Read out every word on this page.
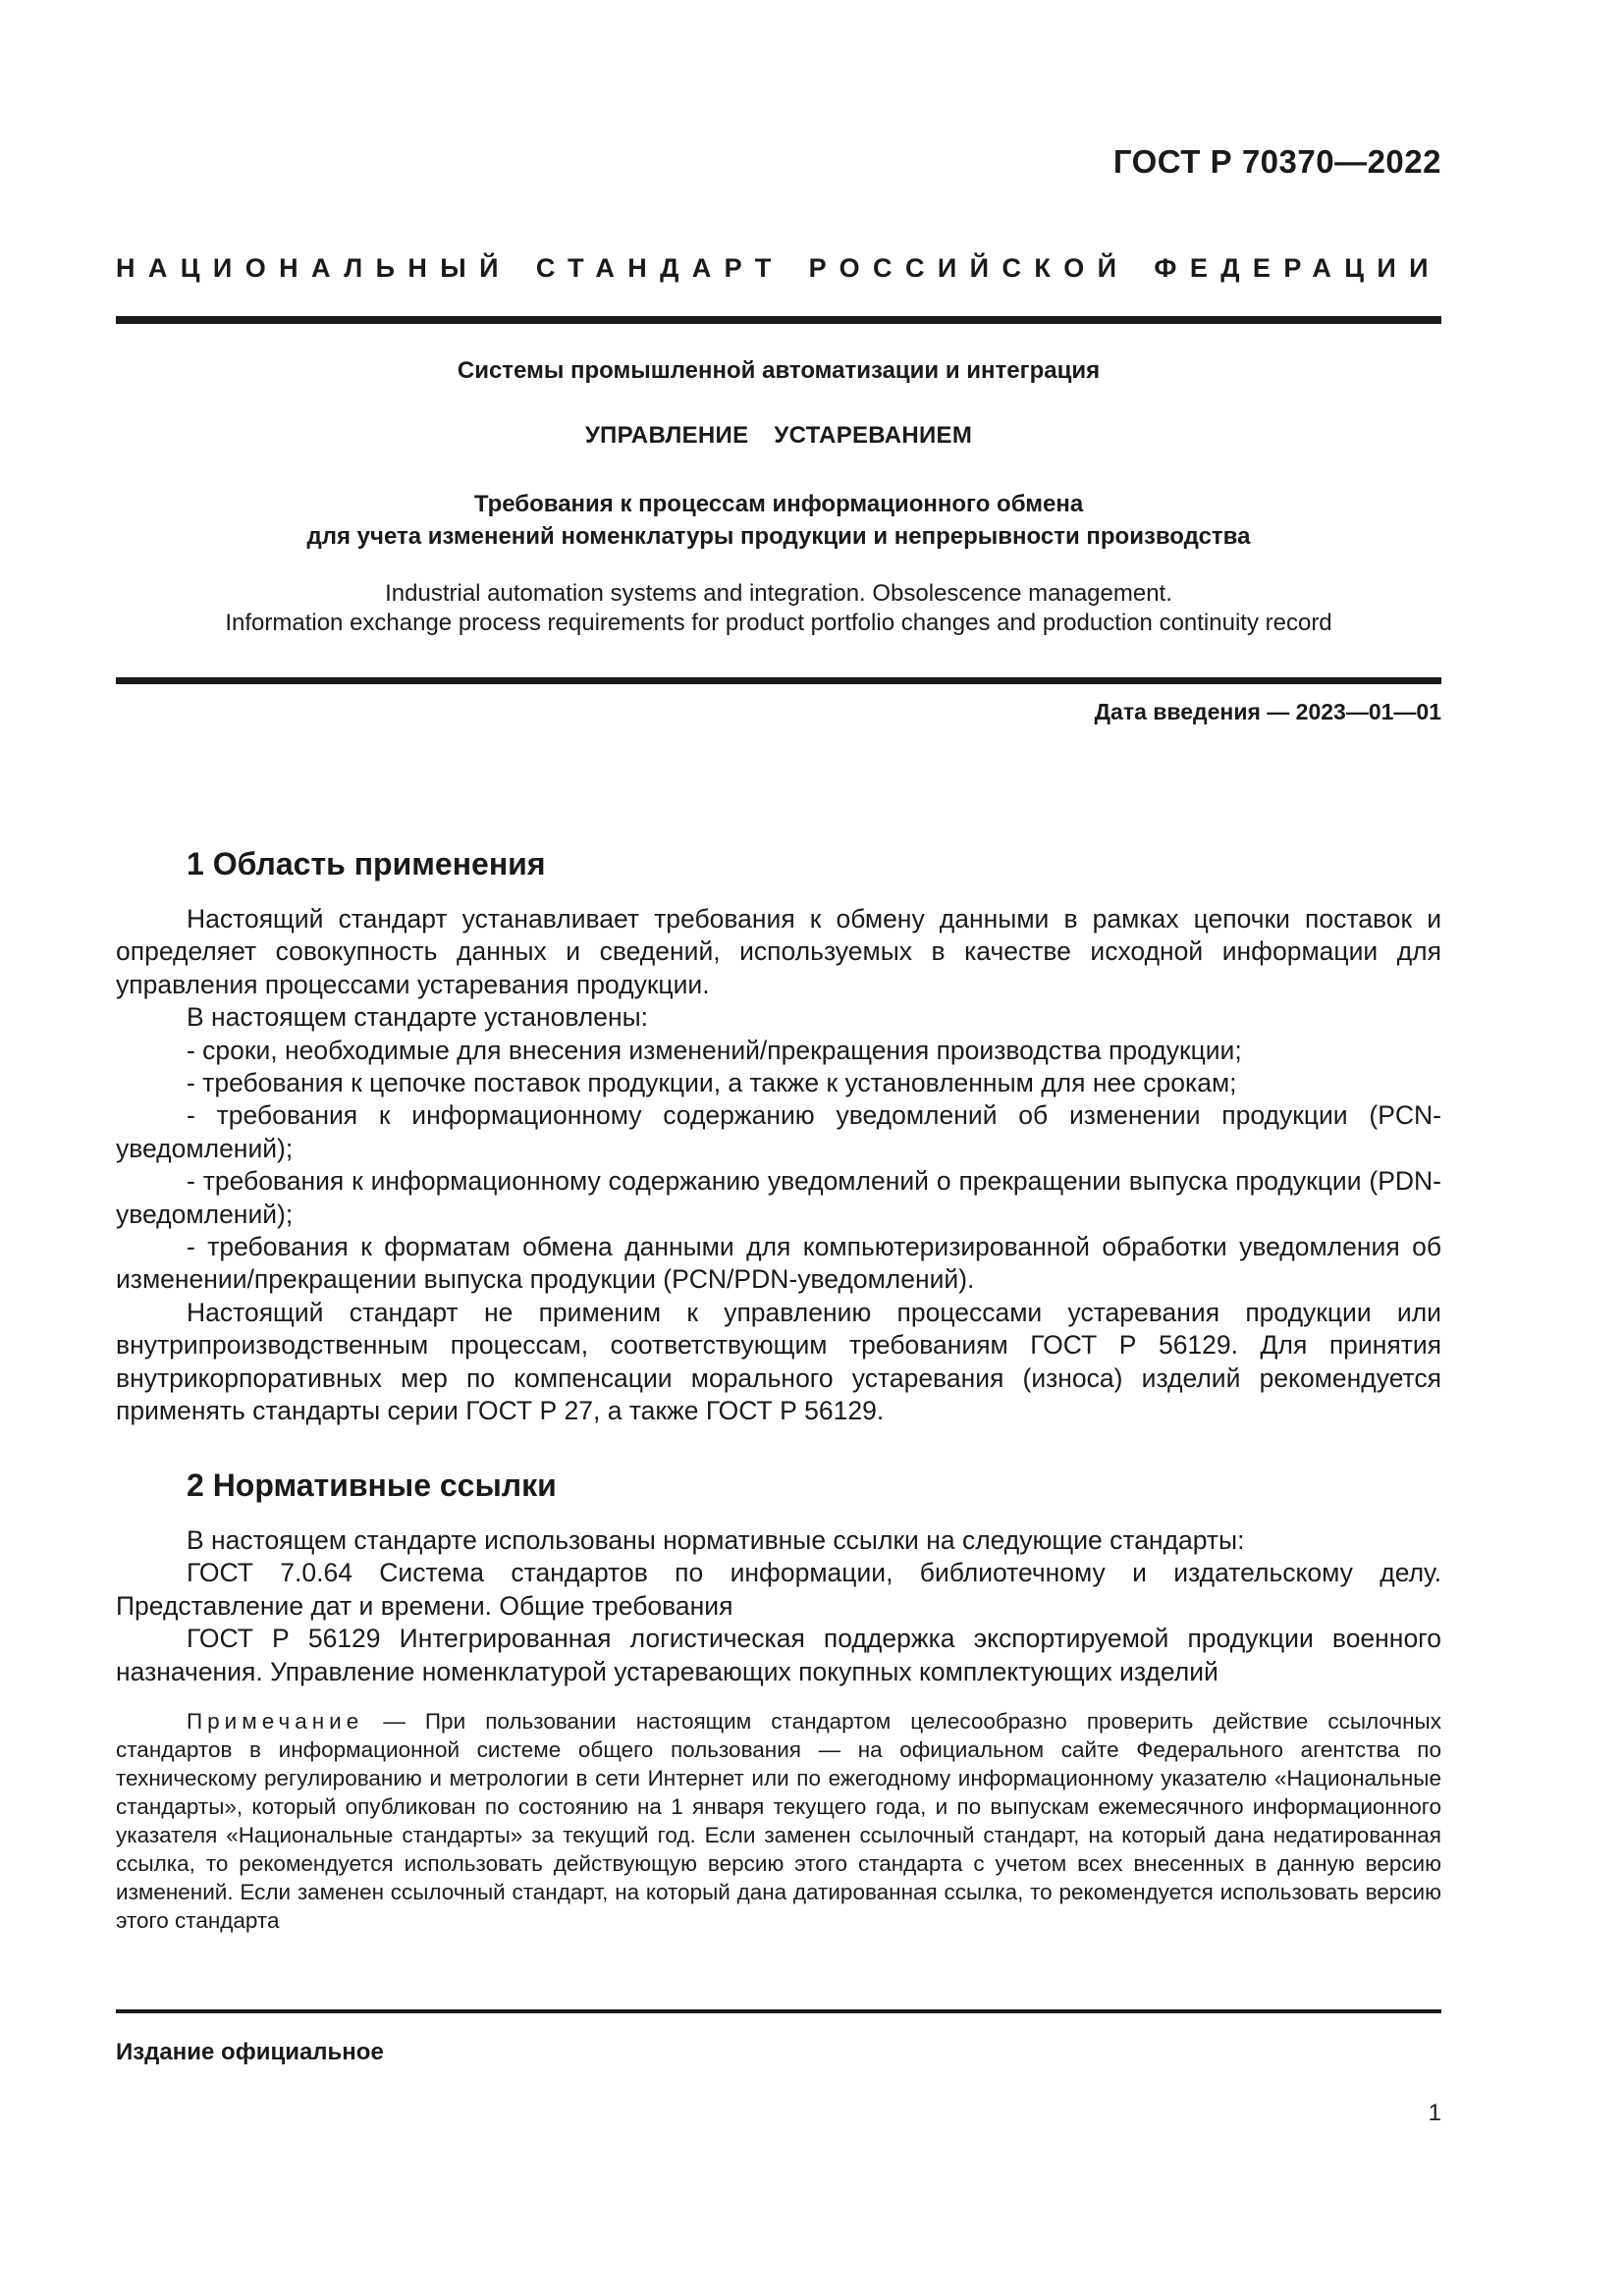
ГОСТ Р 70370—2022
НАЦИОНАЛЬНЫЙ СТАНДАРТ РОССИЙСКОЙ ФЕДЕРАЦИИ
Системы промышленной автоматизации и интеграция
УПРАВЛЕНИЕ  УСТАРЕВАНИЕМ
Требования к процессам информационного обмена
для учета изменений номенклатуры продукции и непрерывности производства
Industrial automation systems and integration. Obsolescence management.
Information exchange process requirements for product portfolio changes and production continuity record
Дата введения — 2023—01—01
1 Область применения

Настоящий стандарт устанавливает требования к обмену данными в рамках цепочки поставок и определяет совокупность данных и сведений, используемых в качестве исходной информации для управления процессами устаревания продукции.

В настоящем стандарте установлены:

- сроки, необходимые для внесения изменений/прекращения производства продукции;

- требования к цепочке поставок продукции, а также к установленным для нее срокам;

- требования к информационному содержанию уведомлений об изменении продукции (PCN-уведомлений);

- требования к информационному содержанию уведомлений о прекращении выпуска продукции (PDN-уведомлений);

- требования к форматам обмена данными для компьютеризированной обработки уведомления об изменении/прекращении выпуска продукции (PCN/PDN-уведомлений).

Настоящий стандарт не применим к управлению процессами устаревания продукции или внутрипроизводственным процессам, соответствующим требованиям ГОСТ Р 56129. Для принятия внутрикорпоративных мер по компенсации морального устаревания (износа) изделий рекомендуется применять стандарты серии ГОСТ Р 27, а также ГОСТ Р 56129.

2 Нормативные ссылки

В настоящем стандарте использованы нормативные ссылки на следующие стандарты:

ГОСТ 7.0.64 Система стандартов по информации, библиотечному и издательскому делу. Представление дат и времени. Общие требования

ГОСТ Р 56129 Интегрированная логистическая поддержка экспортируемой продукции военного назначения. Управление номенклатурой устаревающих покупных комплектующих изделий

Примечание — При пользовании настоящим стандартом целесообразно проверить действие ссылочных стандартов в информационной системе общего пользования — на официальном сайте Федерального агентства по техническому регулированию и метрологии в сети Интернет или по ежегодному информационному указателю «Национальные стандарты», который опубликован по состоянию на 1 января текущего года, и по выпускам ежемесячного информационного указателя «Национальные стандарты» за текущий год. Если заменен ссылочный стандарт, на который дана недатированная ссылка, то рекомендуется использовать действующую версию этого стандарта с учетом всех внесенных в данную версию изменений. Если заменен ссылочный стандарт, на который дана датированная ссылка, то рекомендуется использовать версию этого стандарта

Издание официальное
1
